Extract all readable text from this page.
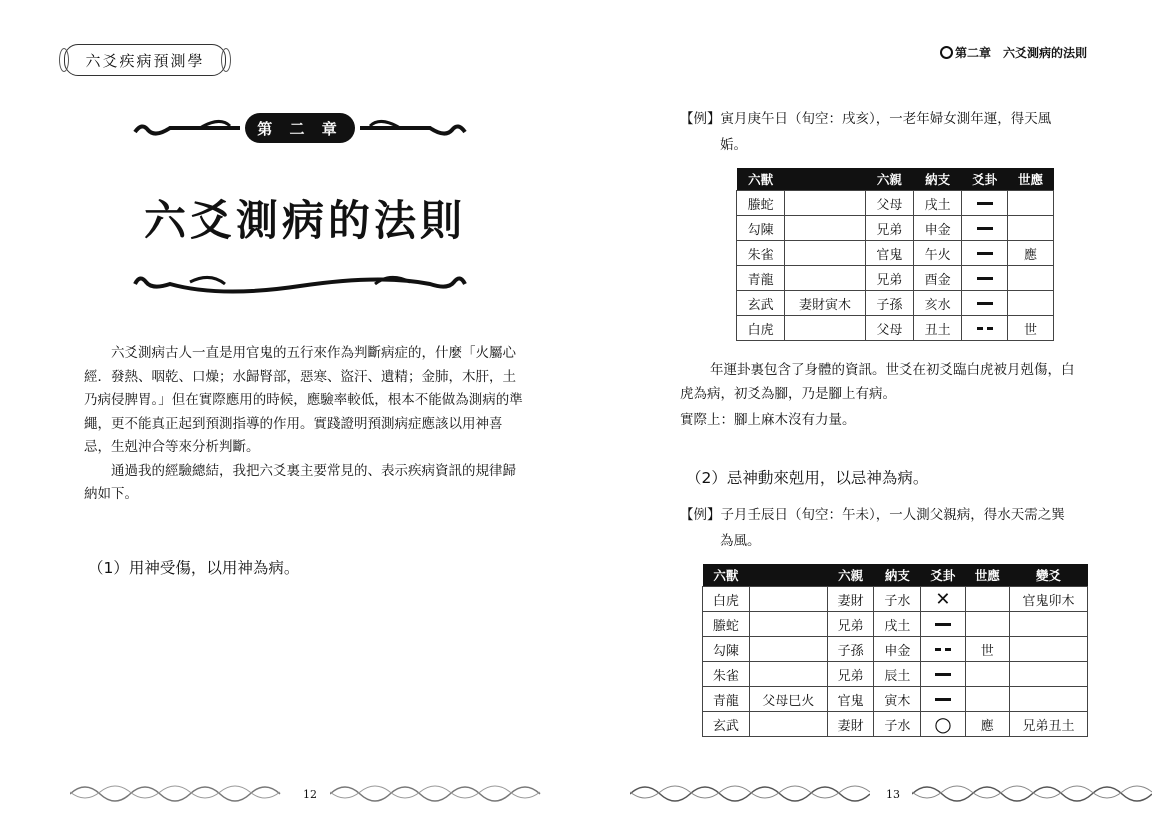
六爻疾病預測學
第 二 章
六爻測病的法則

六爻測病古人一直是用官鬼的五行來作為判斷病症的，什麼「火屬心經．發熱、咽乾、口燥；水歸腎部，惡寒、盜汗、遺精；金肺，木肝，土乃病侵脾胃。」但在實際應用的時候，應驗率較低，根本不能做為測病的準繩，更不能真正起到預測指導的作用。實踐證明預測病症應該以用神喜忌，生剋沖合等來分析判斷。

通過我的經驗總結，我把六爻裏主要常見的、表示疾病資訊的規律歸納如下。

（1）用神受傷，以用神為病。
12
第二章　六爻測病的法則
【例】寅月庚午日（旬空：戌亥），一老年婦女測年運，得天風
姤。
六獸		六親	納支	爻卦	世應
螣蛇		父母	戌土		
勾陳		兄弟	申金		
朱雀		官鬼	午火		應
青龍		兄弟	酉金		
玄武	妻財寅木	子孫	亥水		
白虎		父母	丑土		世
年運卦裏包含了身體的資訊。世爻在初爻臨白虎被月剋傷，白
虎為病，初爻為腳，乃是腳上有病。
實際上：腳上麻木沒有力量。
（2）忌神動來剋用，以忌神為病。
【例】子月壬辰日（旬空：午未），一人測父親病，得水天需之巽
為風。
六獸		六親	納支	爻卦	世應	變爻
白虎		妻財	子水	✕		官鬼卯木
螣蛇		兄弟	戌土			
勾陳		子孫	申金		世	
朱雀		兄弟	辰土			
青龍	父母巳火	官鬼	寅木			
玄武		妻財	子水	○	應	兄弟丑土
13
